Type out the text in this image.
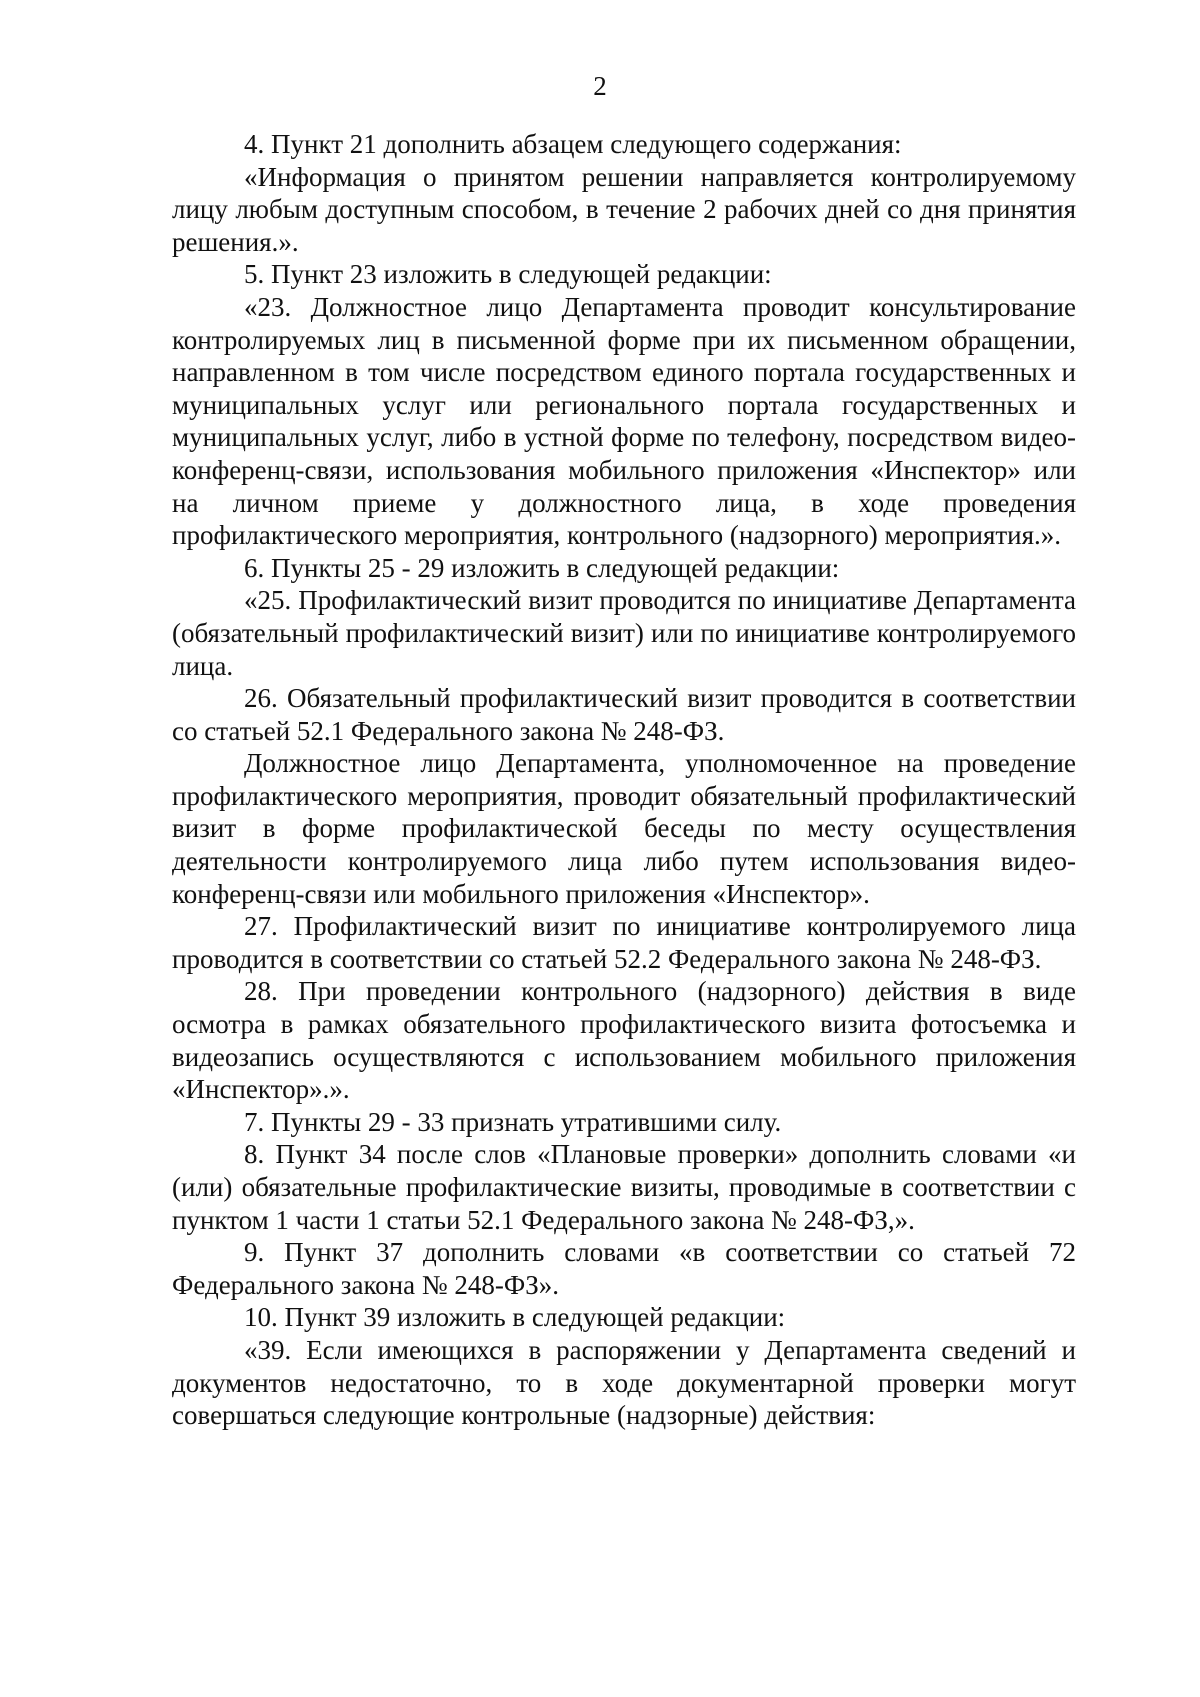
2

4. Пункт 21 дополнить абзацем следующего содержания:

«Информация о принятом решении направляется контролируемому лицу любым доступным способом, в течение 2 рабочих дней со дня принятия решения.».

5. Пункт 23 изложить в следующей редакции:

«23. Должностное лицо Департамента проводит консультирование контролируемых лиц в письменной форме при их письменном обращении, направленном в том числе посредством единого портала государственных и муниципальных услуг или регионального портала государственных и муниципальных услуг, либо в устной форме по телефону, посредством видео-конференц-связи, использования мобильного приложения «Инспектор» или на личном приеме у должностного лица, в ходе проведения профилактического мероприятия, контрольного (надзорного) мероприятия.».

6. Пункты 25 - 29 изложить в следующей редакции:

«25. Профилактический визит проводится по инициативе Департамента (обязательный профилактический визит) или по инициативе контролируемого лица.

26. Обязательный профилактический визит проводится в соответствии со статьей 52.1 Федерального закона № 248-ФЗ.

Должностное лицо Департамента, уполномоченное на проведение профилактического мероприятия, проводит обязательный профилактический визит в форме профилактической беседы по месту осуществления деятельности контролируемого лица либо путем использования видео-конференц-связи или мобильного приложения «Инспектор».

27. Профилактический визит по инициативе контролируемого лица проводится в соответствии со статьей 52.2 Федерального закона № 248-ФЗ.

28. При проведении контрольного (надзорного) действия в виде осмотра в рамках обязательного профилактического визита фотосъемка и видеозапись осуществляются с использованием мобильного приложения «Инспектор».».

7. Пункты 29 - 33 признать утратившими силу.

8. Пункт 34 после слов «Плановые проверки» дополнить словами «и (или) обязательные профилактические визиты, проводимые в соответствии с пунктом 1 части 1 статьи 52.1 Федерального закона № 248-ФЗ,».

9. Пункт 37 дополнить словами «в соответствии со статьей 72 Федерального закона № 248-ФЗ».

10. Пункт 39 изложить в следующей редакции:

«39. Если имеющихся в распоряжении у Департамента сведений и документов недостаточно, то в ходе документарной проверки могут совершаться следующие контрольные (надзорные) действия:
